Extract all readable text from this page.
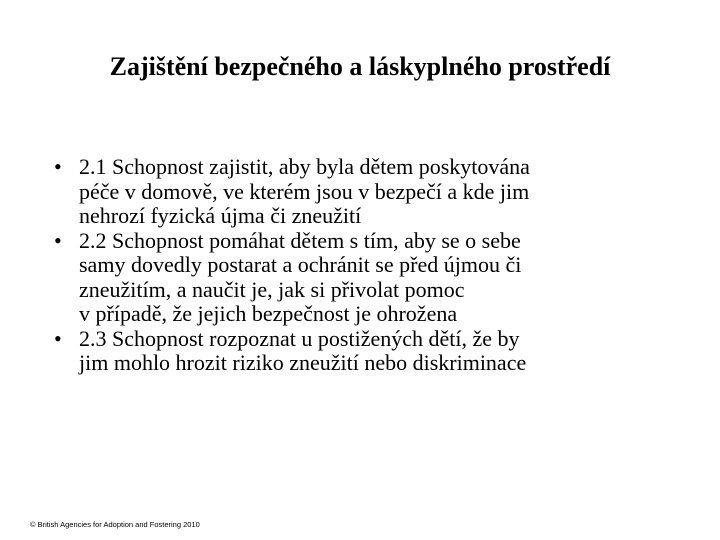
Zajištění bezpečného a láskyplného prostředí
• 2.1 Schopnost zajistit, aby byla dětem poskytována
péče v domově, ve kterém jsou v bezpečí a kde jim
nehrozí fyzická újma či zneužití
• 2.2 Schopnost pomáhat dětem s tím, aby se o sebe
samy dovedly postarat a ochránit se před újmou či
zneužitím, a naučit je, jak si přivolat pomoc
v případě, že jejich bezpečnost je ohrožena
• 2.3 Schopnost rozpoznat u postižených dětí, že by
jim mohlo hrozit riziko zneužití nebo diskriminace
© British Agencies for Adoption and Fostering 2010
